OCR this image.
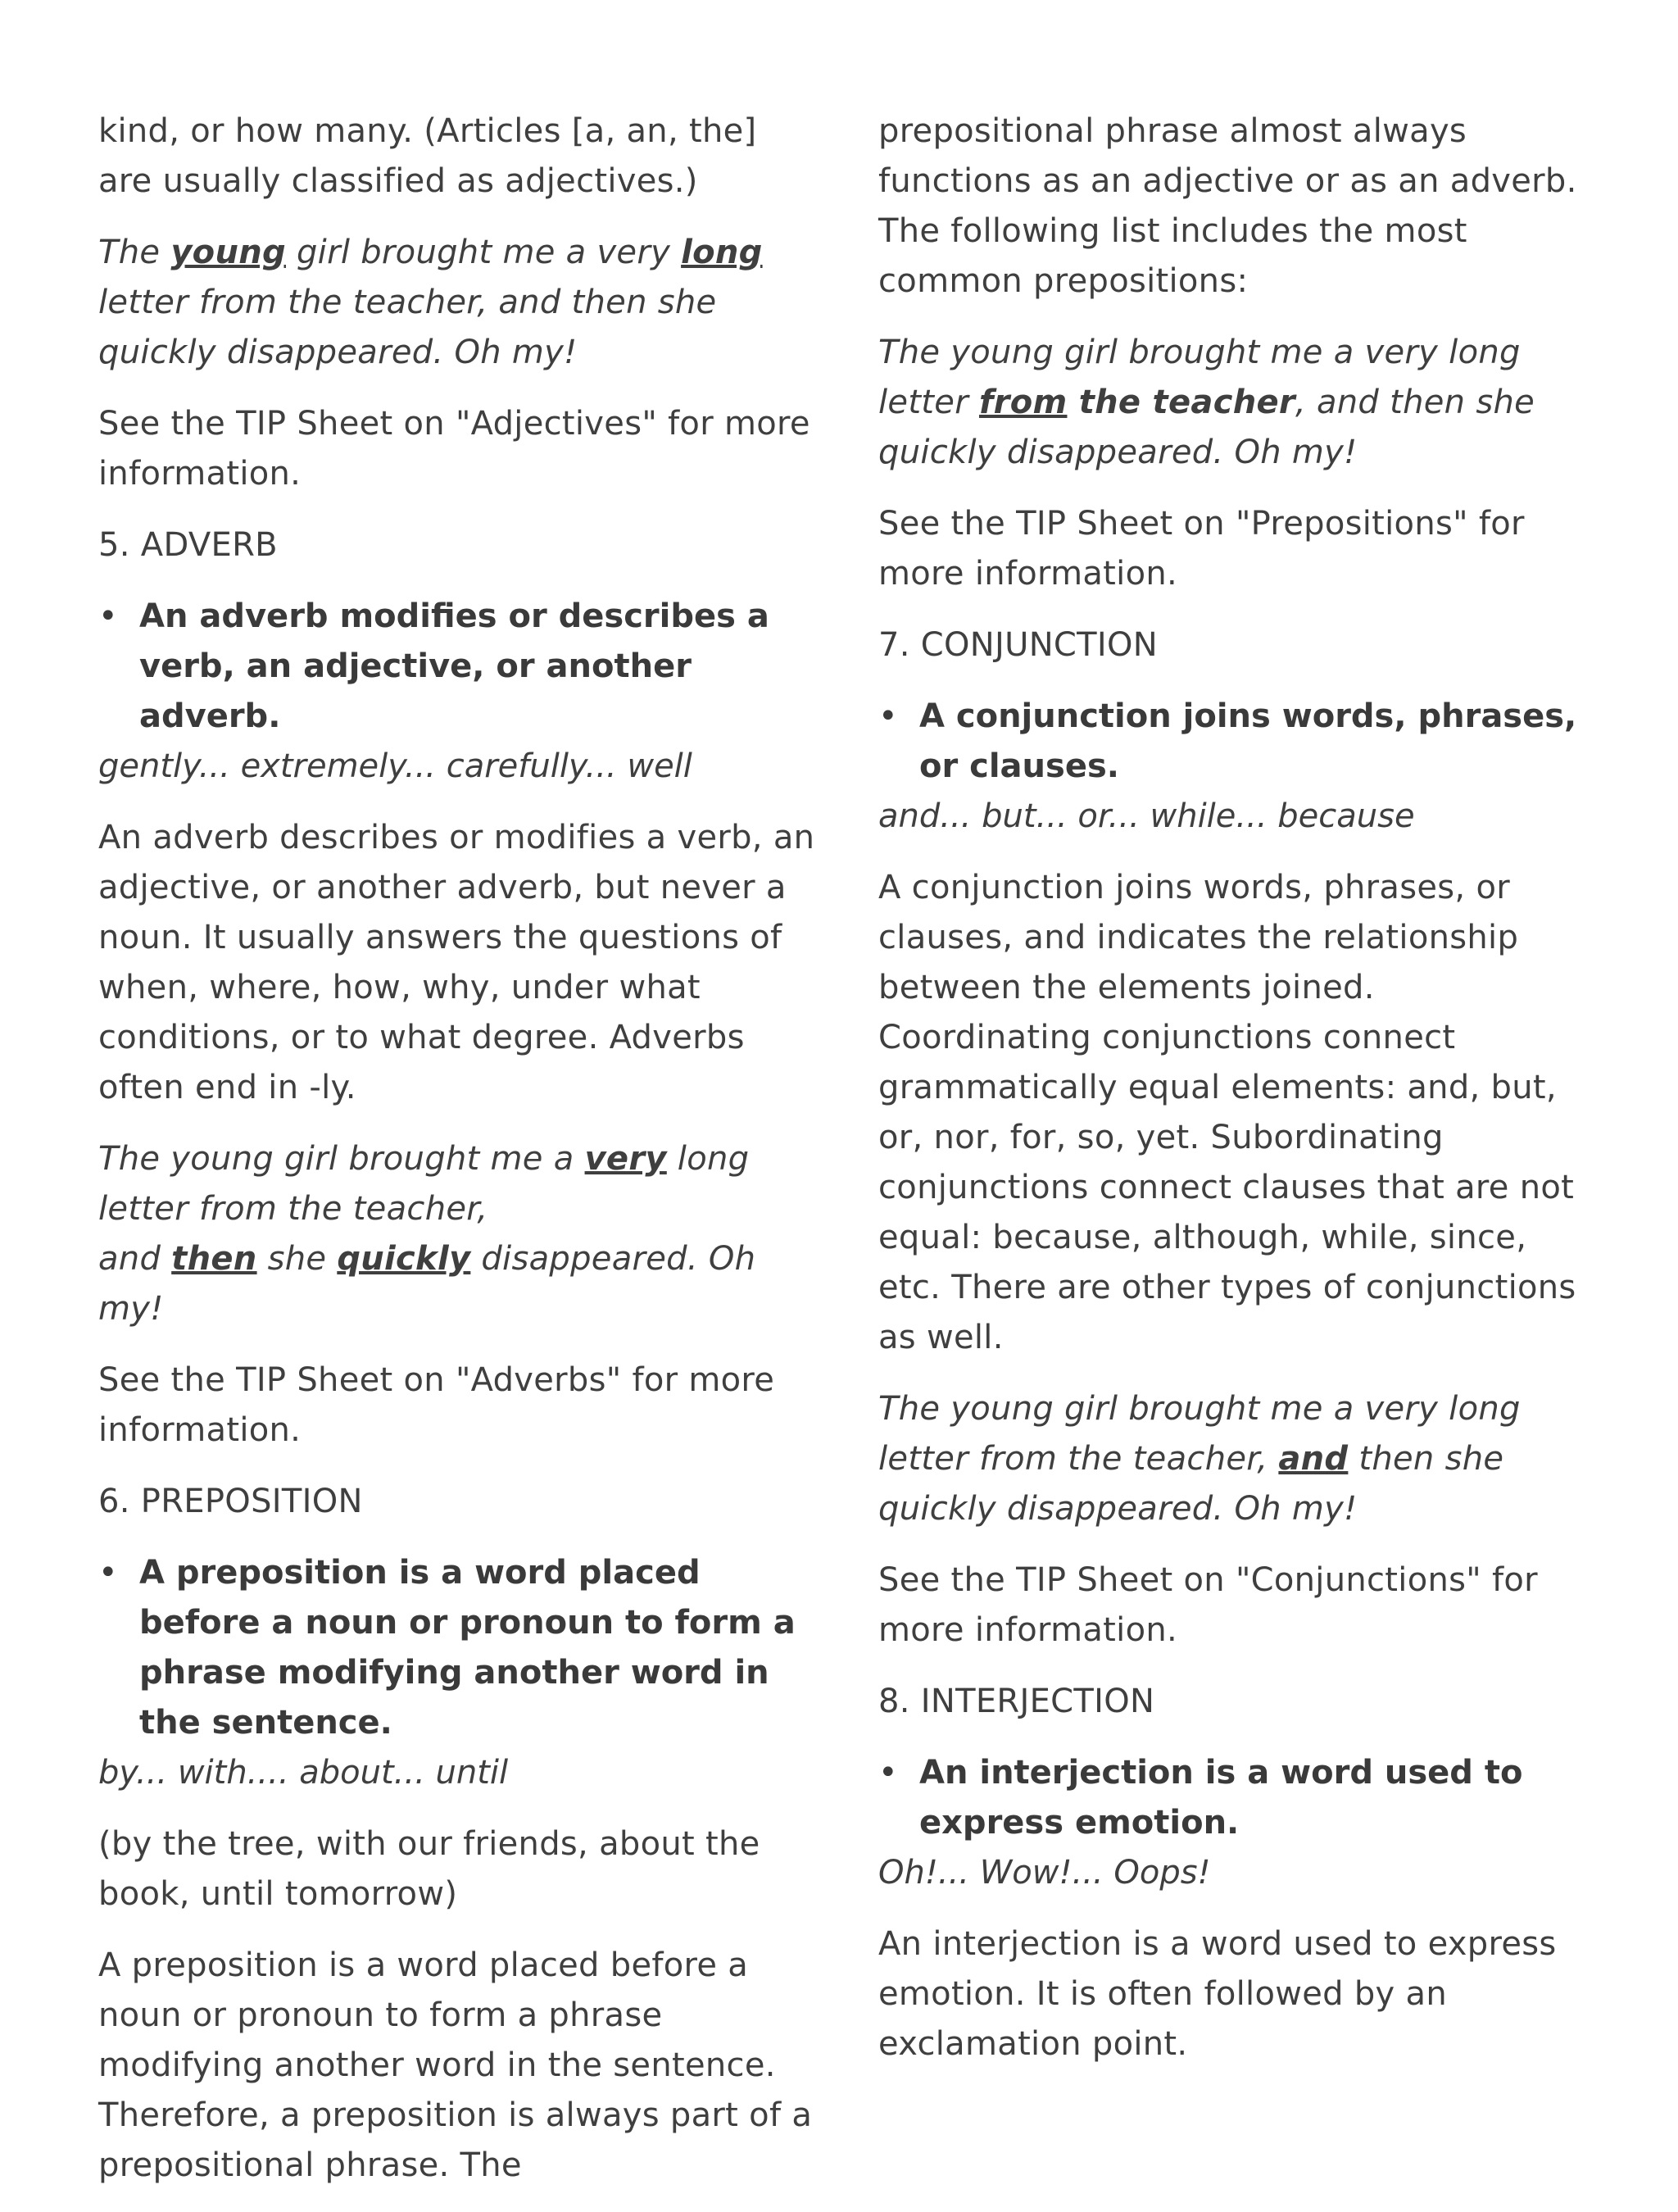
kind, or how many. (Articles [a, an, the] are usually classified as adjectives.)

The young girl brought me a very long letter from the teacher, and then she quickly disappeared. Oh my!

See the TIP Sheet on "Adjectives" for more information.

5. ADVERB

• An adverb modifies or describes a verb, an adjective, or another adverb.

gently... extremely... carefully... well

An adverb describes or modifies a verb, an adjective, or another adverb, but never a noun. It usually answers the questions of when, where, how, why, under what conditions, or to what degree. Adverbs often end in -ly.

The young girl brought me a very long
letter from the teacher,
and then she quickly disappeared. Oh my!

See the TIP Sheet on "Adverbs" for more information.

6. PREPOSITION

• A preposition is a word placed before a noun or pronoun to form a phrase modifying another word in the sentence.

by... with.... about... until

(by the tree, with our friends, about the book, until tomorrow)

A preposition is a word placed before a noun or pronoun to form a phrase modifying another word in the sentence. Therefore, a preposition is always part of a prepositional phrase. The

prepositional phrase almost always functions as an adjective or as an adverb. The following list includes the most common prepositions:

The young girl brought me a very long letter from the teacher, and then she quickly disappeared. Oh my!

See the TIP Sheet on "Prepositions" for more information.

7. CONJUNCTION

• A conjunction joins words, phrases, or clauses.

and... but... or... while... because

A conjunction joins words, phrases, or clauses, and indicates the relationship between the elements joined. Coordinating conjunctions connect grammatically equal elements: and, but, or, nor, for, so, yet. Subordinating conjunctions connect clauses that are not equal: because, although, while, since, etc. There are other types of conjunctions as well.

The young girl brought me a very long letter from the teacher, and then she quickly disappeared. Oh my!

See the TIP Sheet on "Conjunctions" for more information.

8. INTERJECTION

• An interjection is a word used to express emotion.

Oh!... Wow!... Oops!

An interjection is a word used to express emotion. It is often followed by an exclamation point.
